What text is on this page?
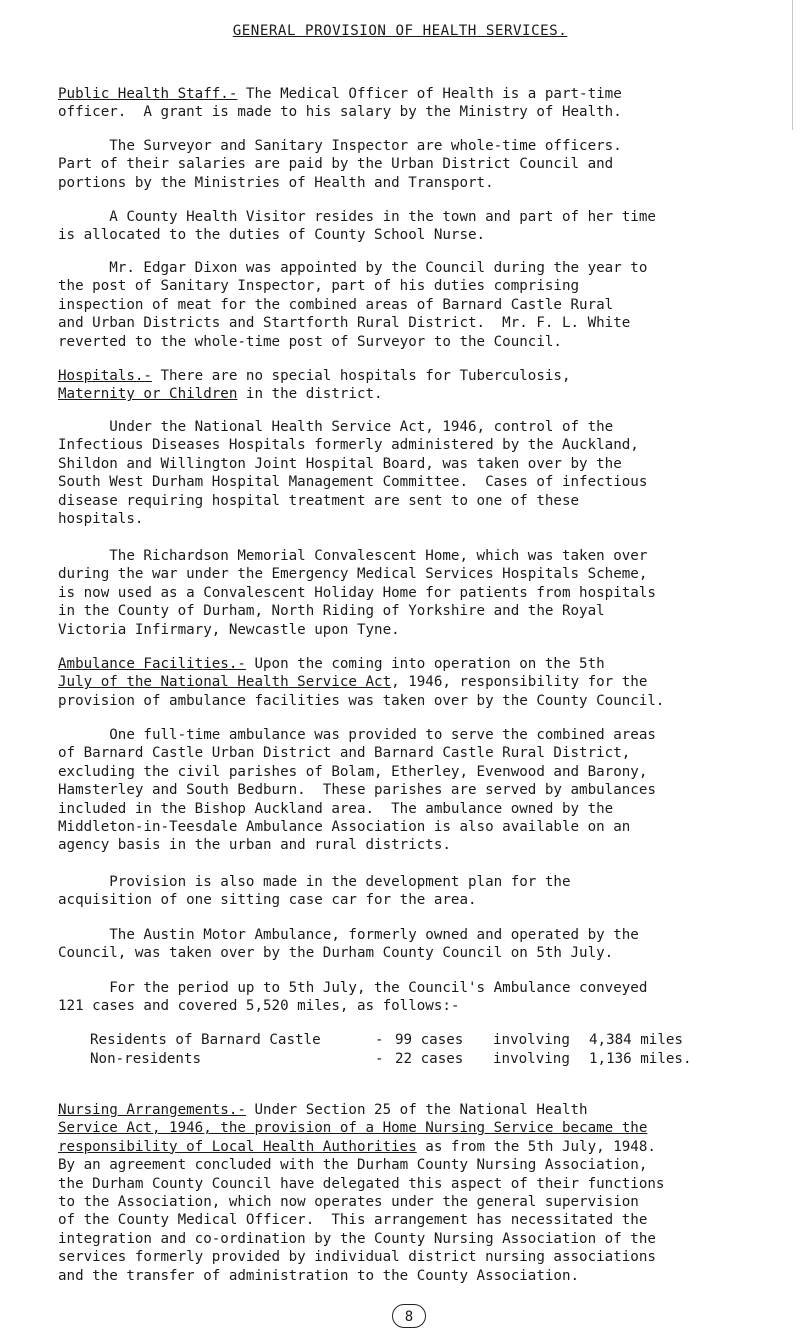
GENERAL PROVISION OF HEALTH SERVICES.
Public Health Staff.- The Medical Officer of Health is a part-time
officer.  A grant is made to his salary by the Ministry of Health.
The Surveyor and Sanitary Inspector are whole-time officers.
Part of their salaries are paid by the Urban District Council and
portions by the Ministries of Health and Transport.
A County Health Visitor resides in the town and part of her time
is allocated to the duties of County School Nurse.
Mr. Edgar Dixon was appointed by the Council during the year to
the post of Sanitary Inspector, part of his duties comprising
inspection of meat for the combined areas of Barnard Castle Rural
and Urban Districts and Startforth Rural District.  Mr. F. L. White
reverted to the whole-time post of Surveyor to the Council.
Hospitals.- There are no special hospitals for Tuberculosis,
Maternity or Children in the district.
Under the National Health Service Act, 1946, control of the
Infectious Diseases Hospitals formerly administered by the Auckland,
Shildon and Willington Joint Hospital Board, was taken over by the
South West Durham Hospital Management Committee.  Cases of infectious
disease requiring hospital treatment are sent to one of these
hospitals.
The Richardson Memorial Convalescent Home, which was taken over
during the war under the Emergency Medical Services Hospitals Scheme,
is now used as a Convalescent Holiday Home for patients from hospitals
in the County of Durham, North Riding of Yorkshire and the Royal
Victoria Infirmary, Newcastle upon Tyne.
Ambulance Facilities.- Upon the coming into operation on the 5th
July of the National Health Service Act, 1946, responsibility for the
provision of ambulance facilities was taken over by the County Council.
One full-time ambulance was provided to serve the combined areas
of Barnard Castle Urban District and Barnard Castle Rural District,
excluding the civil parishes of Bolam, Etherley, Evenwood and Barony,
Hamsterley and South Bedburn.  These parishes are served by ambulances
included in the Bishop Auckland area.  The ambulance owned by the
Middleton-in-Teesdale Ambulance Association is also available on an
agency basis in the urban and rural districts.
Provision is also made in the development plan for the
acquisition of one sitting case car for the area.
The Austin Motor Ambulance, formerly owned and operated by the
Council, was taken over by the Durham County Council on 5th July.
For the period up to 5th July, the Council's Ambulance conveyed
121 cases and covered 5,520 miles, as follows:-
Residents of Barnard Castle	- 99 cases involving 4,384 miles
Non-residents	- 22 cases involving 1,136 miles.
Nursing Arrangements.- Under Section 25 of the National Health
Service Act, 1946, the provision of a Home Nursing Service became the
responsibility of Local Health Authorities as from the 5th July, 1948.
By an agreement concluded with the Durham County Nursing Association,
the Durham County Council have delegated this aspect of their functions
to the Association, which now operates under the general supervision
of the County Medical Officer.  This arrangement has necessitated the
integration and co-ordination by the County Nursing Association of the
services formerly provided by individual district nursing associations
and the transfer of administration to the County Association.
8
